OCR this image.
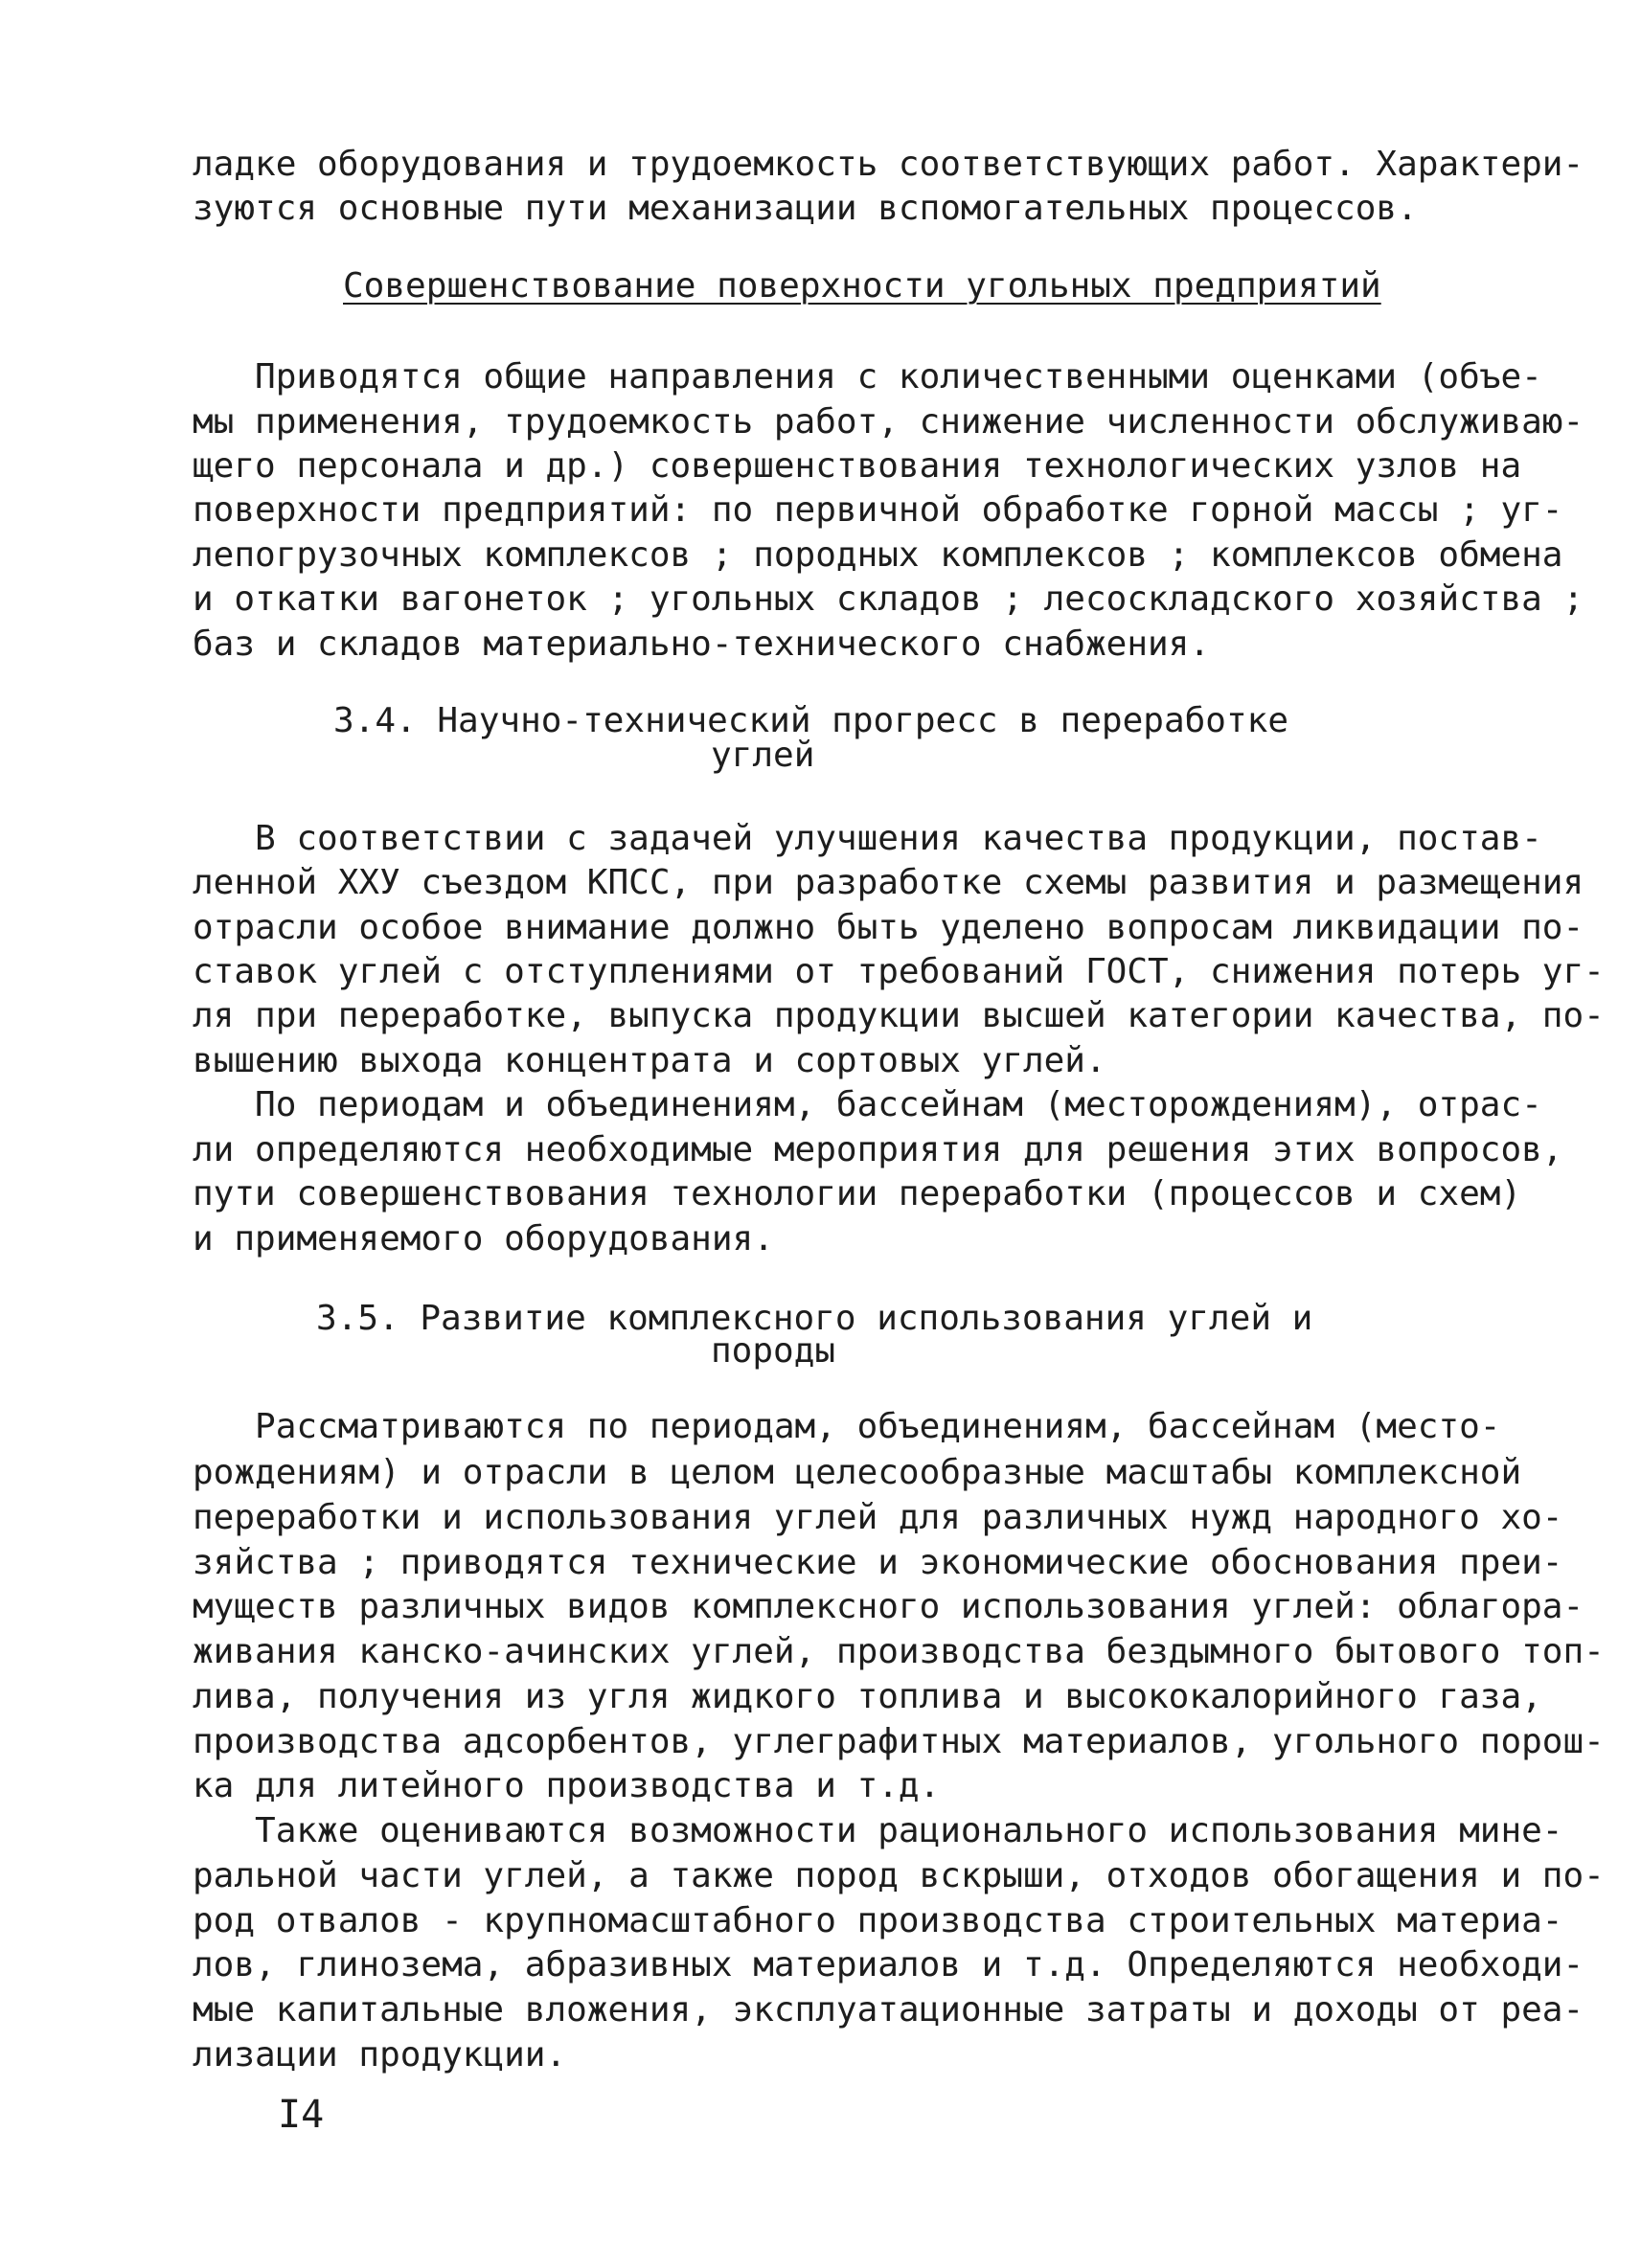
ладке оборудования и трудоемкость соответствующих работ. Характери-
зуются основные пути механизации вспомогательных процессов.
Совершенствование поверхности угольных предприятий
Приводятся общие направления с количественными оценками (объе-
мы применения, трудоемкость работ, снижение численности обслуживаю-
щего персонала и др.) совершенствования технологических узлов на
поверхности предприятий: по первичной обработке горной массы ; уг-
лепогрузочных комплексов ; породных комплексов ; комплексов обмена
и откатки вагонеток ; угольных складов ; лесоскладского хозяйства ;
баз и складов материально-технического снабжения.
3.4. Научно-технический прогресс в переработке
углей
В соответствии с задачей улучшения качества продукции, постав-
ленной XXУ съездом КПСС, при разработке схемы развития и размещения
отрасли особое внимание должно быть уделено вопросам ликвидации по-
ставок углей с отступлениями от требований ГОСТ, снижения потерь уг-
ля при переработке, выпуска продукции высшей категории качества, по-
вышению выхода концентрата и сортовых углей.
По периодам и объединениям, бассейнам (месторождениям), отрас-
ли определяются необходимые мероприятия для решения этих вопросов,
пути совершенствования технологии переработки (процессов и схем)
и применяемого оборудования.
3.5. Развитие комплексного использования углей и
породы
Рассматриваются по периодам, объединениям, бассейнам (место-
рождениям) и отрасли в целом целесообразные масштабы комплексной
переработки и использования углей для различных нужд народного хо-
зяйства ; приводятся технические и экономические обоснования преи-
муществ различных видов комплексного использования углей: облагора-
живания канско-ачинских углей, производства бездымного бытового топ-
лива, получения из угля жидкого топлива и высококалорийного газа,
производства адсорбентов, углеграфитных материалов, угольного порош-
ка для литейного производства и т.д.
Также оцениваются возможности рационального использования мине-
ральной части углей, а также пород вскрыши, отходов обогащения и по-
род отвалов - крупномасштабного производства строительных материа-
лов, глинозема, абразивных материалов и т.д. Определяются необходи-
мые капитальные вложения, эксплуатационные затраты и доходы от реа-
лизации продукции.
I4
